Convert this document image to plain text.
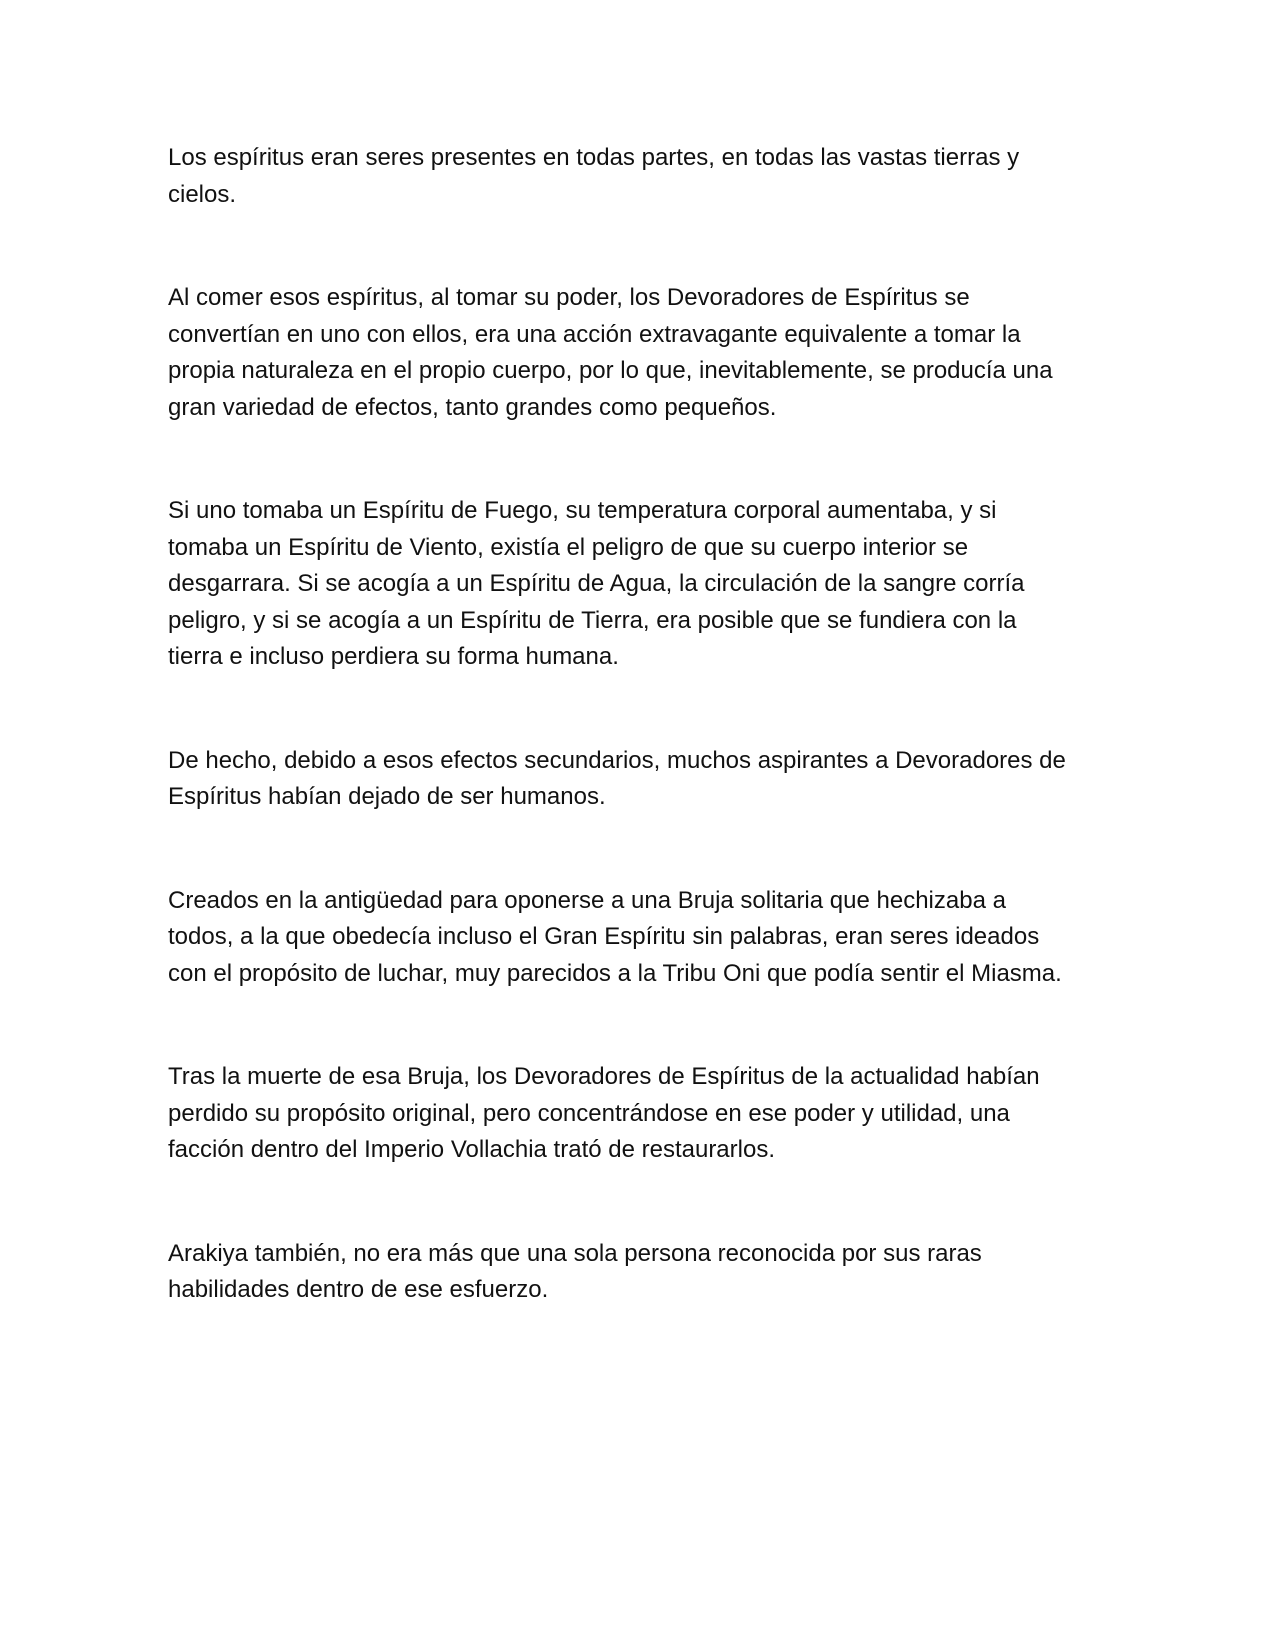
Los espíritus eran seres presentes en todas partes, en todas las vastas tierras y cielos.

Al comer esos espíritus, al tomar su poder, los Devoradores de Espíritus se convertían en uno con ellos, era una acción extravagante equivalente a tomar la propia naturaleza en el propio cuerpo, por lo que, inevitablemente, se producía una gran variedad de efectos, tanto grandes como pequeños.

Si uno tomaba un Espíritu de Fuego, su temperatura corporal aumentaba, y si tomaba un Espíritu de Viento, existía el peligro de que su cuerpo interior se desgarrara. Si se acogía a un Espíritu de Agua, la circulación de la sangre corría peligro, y si se acogía a un Espíritu de Tierra, era posible que se fundiera con la tierra e incluso perdiera su forma humana.

De hecho, debido a esos efectos secundarios, muchos aspirantes a Devoradores de Espíritus habían dejado de ser humanos.

Creados en la antigüedad para oponerse a una Bruja solitaria que hechizaba a todos, a la que obedecía incluso el Gran Espíritu sin palabras, eran seres ideados con el propósito de luchar, muy parecidos a la Tribu Oni que podía sentir el Miasma.

Tras la muerte de esa Bruja, los Devoradores de Espíritus de la actualidad habían perdido su propósito original, pero concentrándose en ese poder y utilidad, una facción dentro del Imperio Vollachia trató de restaurarlos.

Arakiya también, no era más que una sola persona reconocida por sus raras habilidades dentro de ese esfuerzo.
